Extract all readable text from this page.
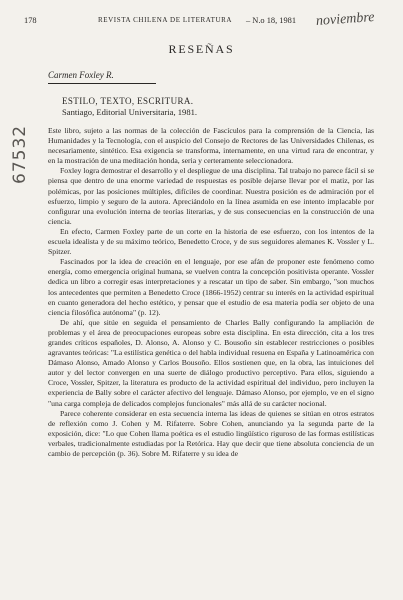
178	REVISTA CHILENA DE LITERATURA – N.o 18, 1981 noviembre
RESEÑAS
67532
Carmen Foxley R.
ESTILO, TEXTO, ESCRITURA.
Santiago, Editorial Universitaria, 1981.

Este libro, sujeto a las normas de la colección de Fascículos para la comprensión de la Ciencia, las Humanidades y la Tecnología, con el auspicio del Consejo de Rectores de las Universidades Chilenas, es necesariamente, sintético. Esa exigencia se transforma, internamente, en una virtud rara de encontrar, y en la mostración de una meditación honda, seria y certeramente seleccionadora.

Foxley logra demostrar el desarrollo y el despliegue de una disciplina. Tal trabajo no parece fácil si se piensa que dentro de una enorme variedad de respuestas es posible dejarse llevar por el matiz, por las polémicas, por las posiciones múltiples, difíciles de coordinar. Nuestra posición es de admiración por el esfuerzo, limpio y seguro de la autora. Apreciándolo en la línea asumida en ese intento implacable por configurar una evolución interna de teorías literarias, y de sus consecuencias en la construcción de una ciencia.

En efecto, Carmen Foxley parte de un corte en la historia de ese esfuerzo, con los intentos de la escuela idealista y de su máximo teórico, Benedetto Croce, y de sus seguidores alemanes K. Vossler y L. Spitzer.

Fascinados por la idea de creación en el lenguaje, por ese afán de proponer este fenómeno como energía, como emergencia original humana, se vuelven contra la concepción positivista operante. Vossler dedica un libro a corregir esas interpretaciones y a rescatar un tipo de saber. Sin embargo, "son muchos los antecedentes que permiten a Benedetto Croce (1866-1952) centrar su interés en la actividad espiritual en cuanto generadora del hecho estético, y pensar que el estudio de esa materia podía ser objeto de una ciencia filosófica autónoma" (p. 12).

De ahí, que sitúe en seguida el pensamiento de Charles Bally configurando la ampliación de problemas y el área de preocupaciones europeas sobre esta disciplina. En esta dirección, cita a los tres grandes críticos españoles, D. Alonso, A. Alonso y C. Bousoño sin establecer restricciones o posibles agravantes teóricas: "La estilística genética o del habla individual resuena en España y Latinoamérica con Dámaso Alonso, Amado Alonso y Carlos Bousoño. Ellos sostienen que, en la obra, las intuiciones del autor y del lector convergen en una suerte de diálogo productivo perceptivo. Para ellos, siguiendo a Croce, Vossler, Spitzer, la literatura es producto de la actividad espiritual del individuo, pero incluyen la experiencia de Bally sobre el carácter afectivo del lenguaje. Dámaso Alonso, por ejemplo, ve en el signo "una carga compleja de delicados complejos funcionales" más allá de su carácter nocional.

Parece coherente considerar en esta secuencia interna las ideas de quienes se sitúan en otros estratos de reflexión como J. Cohen y M. Rifaterre. Sobre Cohen, anunciando ya la segunda parte de la exposición, dice: "Lo que Cohen llama poética es el estudio lingüístico riguroso de las formas estilísticas verbales, tradicionalmente estudiadas por la Retórica. Hay que decir que tiene absoluta conciencia de un cambio de percepción (p. 36). Sobre M. Rifaterre y su idea de
